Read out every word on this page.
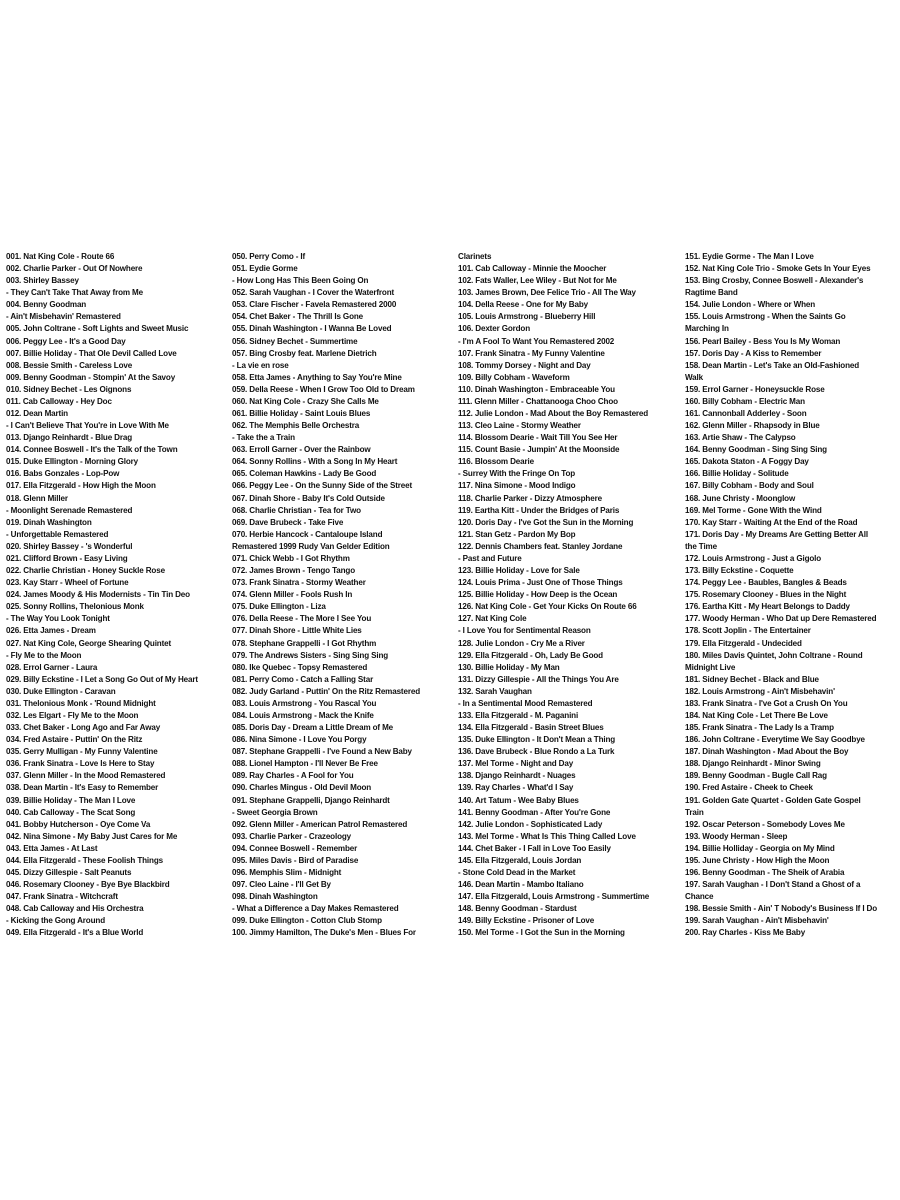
001. Nat King Cole - Route 66
002. Charlie Parker - Out Of Nowhere
003. Shirley Bassey
- They Can't Take That Away from Me
004. Benny Goodman
- Ain't Misbehavin' Remastered
005. John Coltrane - Soft Lights and Sweet Music
006. Peggy Lee - It's a Good Day
007. Billie Holiday - That Ole Devil Called Love
008. Bessie Smith - Careless Love
009. Benny Goodman - Stompin' At the Savoy
010. Sidney Bechet - Les Oignons
011. Cab Calloway - Hey Doc
012. Dean Martin
- I Can't Believe That You're in Love With Me
013. Django Reinhardt - Blue Drag
014. Connee Boswell - It's the Talk of the Town
015. Duke Ellington - Morning Glory
016. Babs Gonzales - Lop-Pow
017. Ella Fitzgerald - How High the Moon
018. Glenn Miller
- Moonlight Serenade Remastered
019. Dinah Washington
- Unforgettable Remastered
020. Shirley Bassey - 's Wonderful
021. Clifford Brown - Easy Living
022. Charlie Christian - Honey Suckle Rose
023. Kay Starr - Wheel of Fortune
024. James Moody & His Modernists - Tin Tin Deo
025. Sonny Rollins, Thelonious Monk
- The Way You Look Tonight
026. Etta James - Dream
027. Nat King Cole, George Shearing Quintet
- Fly Me to the Moon
028. Errol Garner - Laura
029. Billy Eckstine - I Let a Song Go Out of My Heart
030. Duke Ellington - Caravan
031. Thelonious Monk - 'Round Midnight
032. Les Elgart - Fly Me to the Moon
033. Chet Baker - Long Ago and Far Away
034. Fred Astaire - Puttin' On the Ritz
035. Gerry Mulligan - My Funny Valentine
036. Frank Sinatra - Love Is Here to Stay
037. Glenn Miller - In the Mood Remastered
038. Dean Martin - It's Easy to Remember
039. Billie Holiday - The Man I Love
040. Cab Calloway - The Scat Song
041. Bobby Hutcherson - Oye Come Va
042. Nina Simone - My Baby Just Cares for Me
043. Etta James - At Last
044. Ella Fitzgerald - These Foolish Things
045. Dizzy Gillespie - Salt Peanuts
046. Rosemary Clooney - Bye Bye Blackbird
047. Frank Sinatra - Witchcraft
048. Cab Calloway and His Orchestra
- Kicking the Gong Around
049. Ella Fitzgerald - It's a Blue World
050. Perry Como - If
051. Eydie Gorme
- How Long Has This Been Going On
052. Sarah Vaughan - I Cover the Waterfront
053. Clare Fischer - Favela Remastered 2000
054. Chet Baker - The Thrill Is Gone
055. Dinah Washington - I Wanna Be Loved
056. Sidney Bechet - Summertime
057. Bing Crosby feat. Marlene Dietrich
- La vie en rose
058. Etta James - Anything to Say You're Mine
059. Della Reese - When I Grow Too Old to Dream
060. Nat King Cole - Crazy She Calls Me
061. Billie Holiday - Saint Louis Blues
062. The Memphis Belle Orchestra
- Take the a Train
063. Erroll Garner - Over the Rainbow
064. Sonny Rollins - With a Song In My Heart
065. Coleman Hawkins - Lady Be Good
066. Peggy Lee - On the Sunny Side of the Street
067. Dinah Shore - Baby It's Cold Outside
068. Charlie Christian - Tea for Two
069. Dave Brubeck - Take Five
070. Herbie Hancock - Cantaloupe Island
Remastered 1999 Rudy Van Gelder Edition
071. Chick Webb - I Got Rhythm
072. James Brown - Tengo Tango
073. Frank Sinatra - Stormy Weather
074. Glenn Miller - Fools Rush In
075. Duke Ellington - Liza
076. Della Reese - The More I See You
077. Dinah Shore - Little White Lies
078. Stephane Grappelli - I Got Rhythm
079. The Andrews Sisters - Sing Sing Sing
080. Ike Quebec - Topsy Remastered
081. Perry Como - Catch a Falling Star
082. Judy Garland - Puttin' On the Ritz Remastered
083. Louis Armstrong - You Rascal You
084. Louis Armstrong - Mack the Knife
085. Doris Day - Dream a Little Dream of Me
086. Nina Simone - I Love You Porgy
087. Stephane Grappelli - I've Found a New Baby
088. Lionel Hampton - I'll Never Be Free
089. Ray Charles - A Fool for You
090. Charles Mingus - Old Devil Moon
091. Stephane Grappelli, Django Reinhardt
- Sweet Georgia Brown
092. Glenn Miller - American Patrol Remastered
093. Charlie Parker - Crazeology
094. Connee Boswell - Remember
095. Miles Davis - Bird of Paradise
096. Memphis Slim - Midnight
097. Cleo Laine - I'll Get By
098. Dinah Washington
- What a Difference a Day Makes Remastered
099. Duke Ellington - Cotton Club Stomp
100. Jimmy Hamilton, The Duke's Men - Blues For
Clarinets
101. Cab Calloway - Minnie the Moocher
102. Fats Waller, Lee Wiley - But Not for Me
103. James Brown, Dee Felice Trio - All The Way
104. Della Reese - One for My Baby
105. Louis Armstrong - Blueberry Hill
106. Dexter Gordon
- I'm A Fool To Want You Remastered 2002
107. Frank Sinatra - My Funny Valentine
108. Tommy Dorsey - Night and Day
109. Billy Cobham - Waveform
110. Dinah Washington - Embraceable You
111. Glenn Miller - Chattanooga Choo Choo
112. Julie London - Mad About the Boy Remastered
113. Cleo Laine - Stormy Weather
114. Blossom Dearie - Wait Till You See Her
115. Count Basie - Jumpin' At the Moonside
116. Blossom Dearie
- Surrey With the Fringe On Top
117. Nina Simone - Mood Indigo
118. Charlie Parker - Dizzy Atmosphere
119. Eartha Kitt - Under the Bridges of Paris
120. Doris Day - I've Got the Sun in the Morning
121. Stan Getz - Pardon My Bop
122. Dennis Chambers feat. Stanley Jordane
- Past and Future
123. Billie Holiday - Love for Sale
124. Louis Prima - Just One of Those Things
125. Billie Holiday - How Deep is the Ocean
126. Nat King Cole - Get Your Kicks On Route 66
127. Nat King Cole
- I Love You for Sentimental Reason
128. Julie London - Cry Me a River
129. Ella Fitzgerald - Oh, Lady Be Good
130. Billie Holiday - My Man
131. Dizzy Gillespie - All the Things You Are
132. Sarah Vaughan
- In a Sentimental Mood Remastered
133. Ella Fitzgerald - M. Paganini
134. Ella Fitzgerald - Basin Street Blues
135. Duke Ellington - It Don't Mean a Thing
136. Dave Brubeck - Blue Rondo a La Turk
137. Mel Torme - Night and Day
138. Django Reinhardt - Nuages
139. Ray Charles - What'd I Say
140. Art Tatum - Wee Baby Blues
141. Benny Goodman - After You're Gone
142. Julie London - Sophisticated Lady
143. Mel Torme - What Is This Thing Called Love
144. Chet Baker - I Fall in Love Too Easily
145. Ella Fitzgerald, Louis Jordan
- Stone Cold Dead in the Market
146. Dean Martin - Mambo Italiano
147. Ella Fitzgerald, Louis Armstrong - Summertime
148. Benny Goodman - Stardust
149. Billy Eckstine - Prisoner of Love
150. Mel Torme - I Got the Sun in the Morning
151. Eydie Gorme - The Man I Love
152. Nat King Cole Trio - Smoke Gets In Your Eyes
153. Bing Crosby, Connee Boswell - Alexander's
Ragtime Band
154. Julie London - Where or When
155. Louis Armstrong - When the Saints Go
Marching In
156. Pearl Bailey - Bess You Is My Woman
157. Doris Day - A Kiss to Remember
158. Dean Martin - Let's Take an Old-Fashioned
Walk
159. Errol Garner - Honeysuckle Rose
160. Billy Cobham - Electric Man
161. Cannonball Adderley - Soon
162. Glenn Miller - Rhapsody in Blue
163. Artie Shaw - The Calypso
164. Benny Goodman - Sing Sing Sing
165. Dakota Staton - A Foggy Day
166. Billie Holiday - Solitude
167. Billy Cobham - Body and Soul
168. June Christy - Moonglow
169. Mel Torme - Gone With the Wind
170. Kay Starr - Waiting At the End of the Road
171. Doris Day - My Dreams Are Getting Better All
the Time
172. Louis Armstrong - Just a Gigolo
173. Billy Eckstine - Coquette
174. Peggy Lee - Baubles, Bangles & Beads
175. Rosemary Clooney - Blues in the Night
176. Eartha Kitt - My Heart Belongs to Daddy
177. Woody Herman - Who Dat up Dere Remastered
178. Scott Joplin - The Entertainer
179. Ella Fitzgerald - Undecided
180. Miles Davis Quintet, John Coltrane - Round
Midnight Live
181. Sidney Bechet - Black and Blue
182. Louis Armstrong - Ain't Misbehavin'
183. Frank Sinatra - I've Got a Crush On You
184. Nat King Cole - Let There Be Love
185. Frank Sinatra - The Lady Is a Tramp
186. John Coltrane - Everytime We Say Goodbye
187. Dinah Washington - Mad About the Boy
188. Django Reinhardt - Minor Swing
189. Benny Goodman - Bugle Call Rag
190. Fred Astaire - Cheek to Cheek
191. Golden Gate Quartet - Golden Gate Gospel
Train
192. Oscar Peterson - Somebody Loves Me
193. Woody Herman - Sleep
194. Billie Holliday - Georgia on My Mind
195. June Christy - How High the Moon
196. Benny Goodman - The Sheik of Arabia
197. Sarah Vaughan - I Don't Stand a Ghost of a
Chance
198. Bessie Smith - Ain' T Nobody's Business If I Do
199. Sarah Vaughan - Ain't Misbehavin'
200. Ray Charles - Kiss Me Baby
